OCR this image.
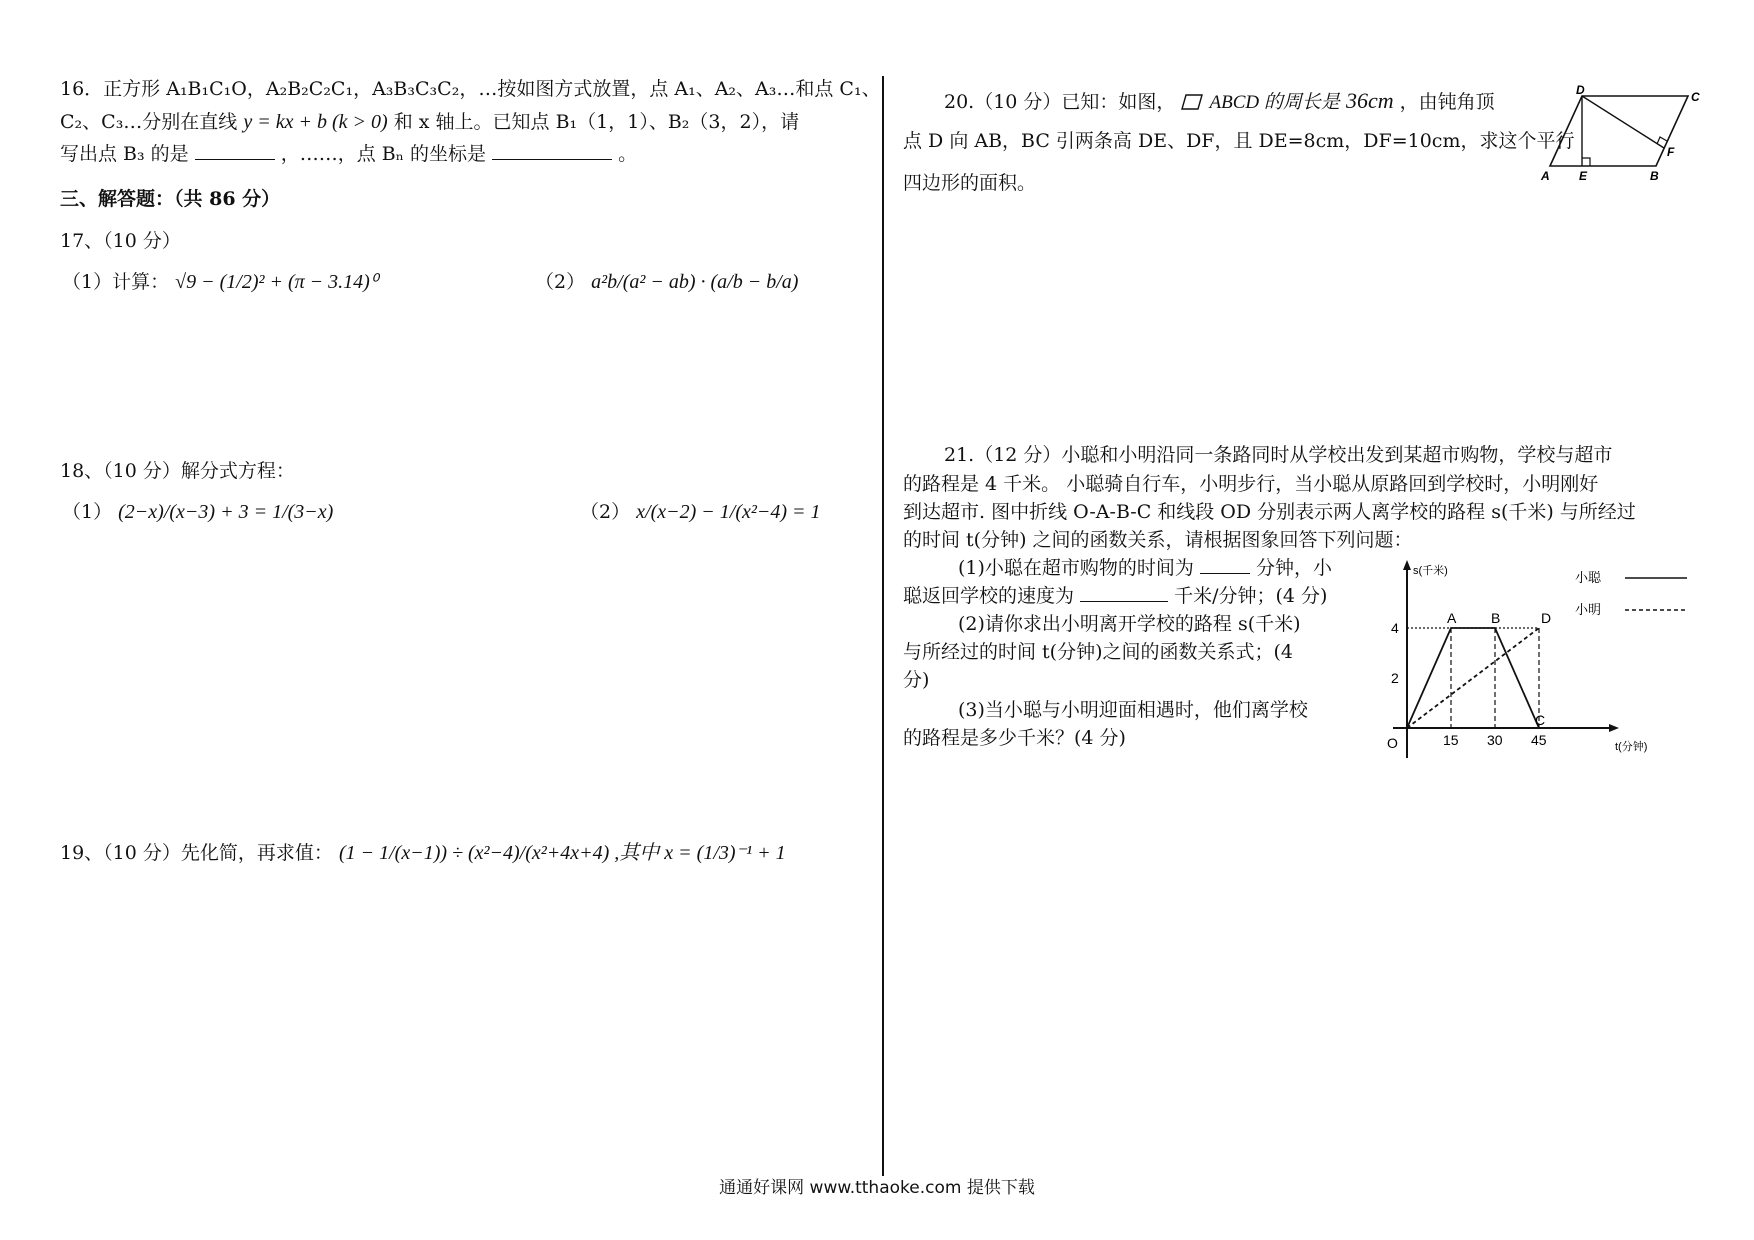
16．正方形 A₁B₁C₁O，A₂B₂C₂C₁，A₃B₃C₃C₂，…按如图方式放置，点 A₁、A₂、A₃…和点 C₁、
C₂、C₃…分别在直线 y = kx + b (k > 0) 和 x 轴上。已知点 B₁（1，1）、B₂（3，2），请
写出点 B₃ 的是	，……，点 Bₙ 的坐标是	。
三、解答题：（共 86 分）
17、（10 分）
（1）计算： √9 − (1/2)² + (π − 3.14)⁰	（2） a²b/(a² − ab) · (a/b − b/a)
18、（10 分）解分式方程：
（1） (2−x)/(x−3) + 3 = 1/(3−x)	（2） x/(x−2) − 1/(x²−4) = 1
19、（10 分）先化简，再求值： (1 − 1/(x−1)) ÷ (x²−4)/(x²+4x+4) ,其中 x = (1/3)⁻¹ + 1
20.（10 分）已知：如图， ABCD 的周长是 36cm ，由钝角顶
点 D 向 AB，BC 引两条高 DE、DF，且 DE=8cm，DF=10cm，求这个平行
四边形的面积。
D	C
F
A E	B
21.（12 分）小聪和小明沿同一条路同时从学校出发到某超市购物，学校与超市
的路程是 4 千米。 小聪骑自行车，小明步行，当小聪从原路回到学校时，小明刚好
到达超市. 图中折线 O-A-B-C 和线段 OD 分别表示两人离学校的路程 s(千米) 与所经过
的时间 t(分钟) 之间的函数关系，请根据图象回答下列问题：
(1)小聪在超市购物的时间为	分钟，小
聪返回学校的速度为	千米/分钟；(4 分)
(2)请你求出小明离开学校的路程 s(千米)
与所经过的时间 t(分钟)之间的函数关系式；(4
分)
(3)当小聪与小明迎面相遇时，他们离学校
的路程是多少千米？(4 分)
s(千米)
t(分钟)
O	15 30 45
2
4
A B
C
D
小聪
小明
通通好课网 www.tthaoke.com 提供下载
